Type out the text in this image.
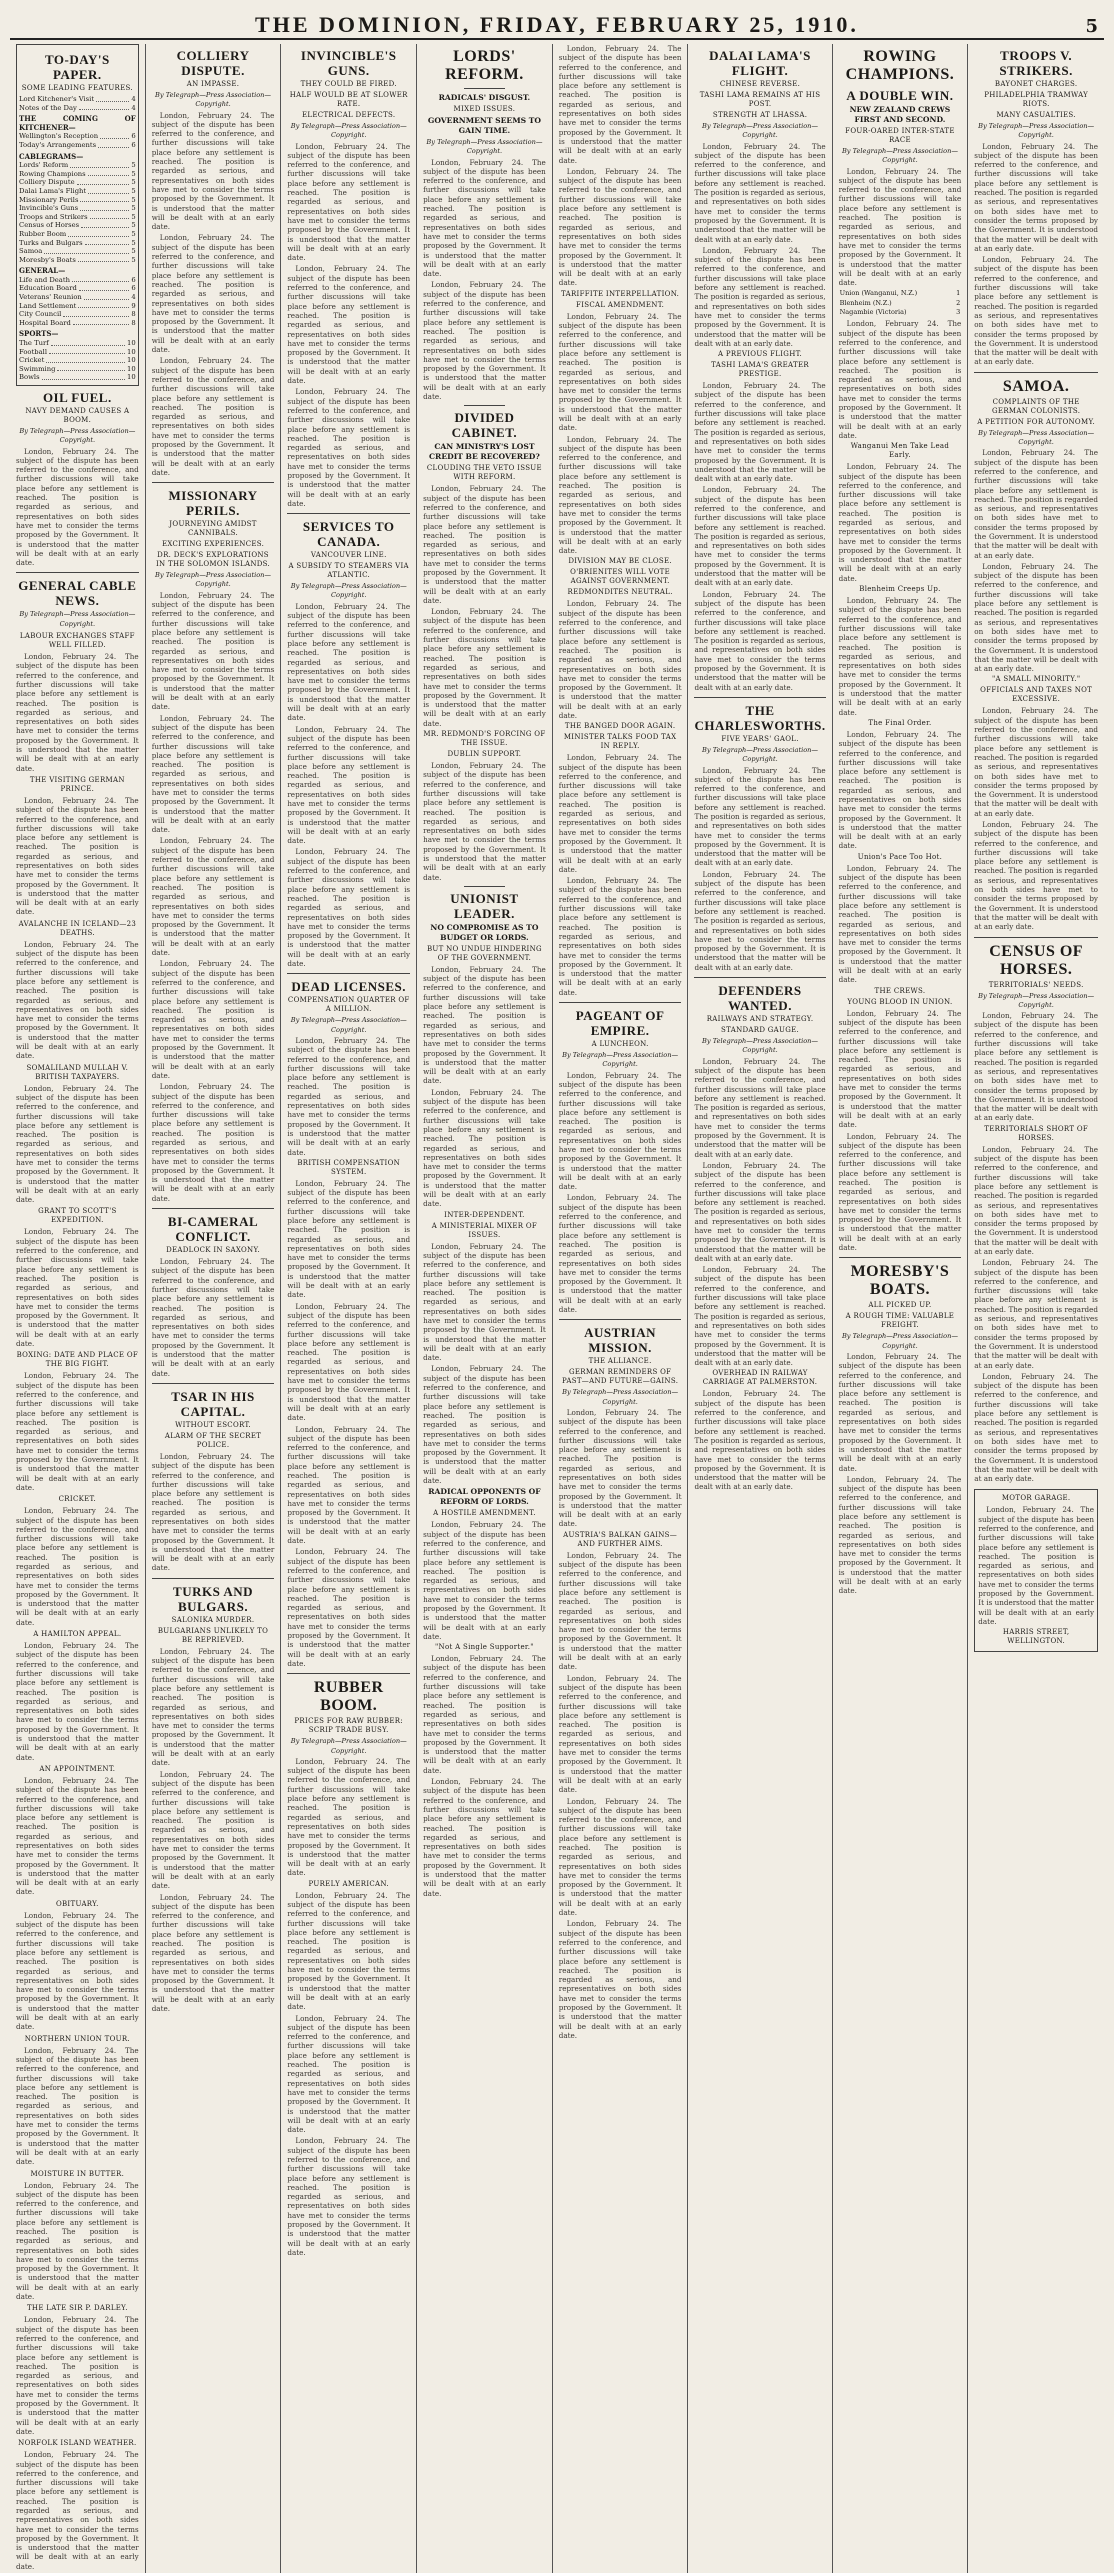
THE DOMINION, FRIDAY, FEBRUARY 25, 1910.	5
TO-DAY'S PAPER.
SOME LEADING FEATURES.
Lord Kitchener's Visit	4
Notes of the Day	4
THE COMING OF KITCHENER—
Wellington's Reception	6
Today's Arrangements	6
CABLEGRAMS—
Lords' Reform	5
Rowing Champions	5
Colliery Dispute	5
Dalai Lama's Flight	5
Missionary Perils	5
Invincible's Guns	5
Troops and Strikers	5
Census of Horses	5
Rubber Boom	5
Turks and Bulgars	5
Samoa	5
Moresby's Boats	5
GENERAL—
Life and Death	6
Education Board	6
Veterans' Reunion	4
Land Settlement	9
City Council	8
Hospital Board	8
SPORTS—
The Turf	10
Football	10
Cricket	10
Swimming	10
Bowls	10
OIL FUEL.
NAVY DEMAND CAUSES A BOOM.
By Telegraph—Press Association—Copyright.

London, February 24. The subject of the dispute has been referred to the conference, and further discussions will take place before any settlement is reached. The position is regarded as serious, and representatives on both sides have met to consider the terms proposed by the Government. It is understood that the matter will be dealt with at an early date.

GENERAL CABLE NEWS.
By Telegraph—Press Association—Copyright.
LABOUR EXCHANGES STAFF WELL FILLED.

London, February 24. The subject of the dispute has been referred to the conference, and further discussions will take place before any settlement is reached. The position is regarded as serious, and representatives on both sides have met to consider the terms proposed by the Government. It is understood that the matter will be dealt with at an early date.

THE VISITING GERMAN PRINCE.

London, February 24. The subject of the dispute has been referred to the conference, and further discussions will take place before any settlement is reached. The position is regarded as serious, and representatives on both sides have met to consider the terms proposed by the Government. It is understood that the matter will be dealt with at an early date.

AVALANCHE IN ICELAND—23 DEATHS.

London, February 24. The subject of the dispute has been referred to the conference, and further discussions will take place before any settlement is reached. The position is regarded as serious, and representatives on both sides have met to consider the terms proposed by the Government. It is understood that the matter will be dealt with at an early date.

SOMALILAND MULLAH V. BRITISH TAXPAYERS.

London, February 24. The subject of the dispute has been referred to the conference, and further discussions will take place before any settlement is reached. The position is regarded as serious, and representatives on both sides have met to consider the terms proposed by the Government. It is understood that the matter will be dealt with at an early date.

GRANT TO SCOTT'S EXPEDITION.

London, February 24. The subject of the dispute has been referred to the conference, and further discussions will take place before any settlement is reached. The position is regarded as serious, and representatives on both sides have met to consider the terms proposed by the Government. It is understood that the matter will be dealt with at an early date.

BOXING: DATE AND PLACE OF THE BIG FIGHT.

London, February 24. The subject of the dispute has been referred to the conference, and further discussions will take place before any settlement is reached. The position is regarded as serious, and representatives on both sides have met to consider the terms proposed by the Government. It is understood that the matter will be dealt with at an early date.

CRICKET.

London, February 24. The subject of the dispute has been referred to the conference, and further discussions will take place before any settlement is reached. The position is regarded as serious, and representatives on both sides have met to consider the terms proposed by the Government. It is understood that the matter will be dealt with at an early date.

A HAMILTON APPEAL.

London, February 24. The subject of the dispute has been referred to the conference, and further discussions will take place before any settlement is reached. The position is regarded as serious, and representatives on both sides have met to consider the terms proposed by the Government. It is understood that the matter will be dealt with at an early date.

AN APPOINTMENT.

London, February 24. The subject of the dispute has been referred to the conference, and further discussions will take place before any settlement is reached. The position is regarded as serious, and representatives on both sides have met to consider the terms proposed by the Government. It is understood that the matter will be dealt with at an early date.

OBITUARY.

London, February 24. The subject of the dispute has been referred to the conference, and further discussions will take place before any settlement is reached. The position is regarded as serious, and representatives on both sides have met to consider the terms proposed by the Government. It is understood that the matter will be dealt with at an early date.

NORTHERN UNION TOUR.

London, February 24. The subject of the dispute has been referred to the conference, and further discussions will take place before any settlement is reached. The position is regarded as serious, and representatives on both sides have met to consider the terms proposed by the Government. It is understood that the matter will be dealt with at an early date.

MOISTURE IN BUTTER.

London, February 24. The subject of the dispute has been referred to the conference, and further discussions will take place before any settlement is reached. The position is regarded as serious, and representatives on both sides have met to consider the terms proposed by the Government. It is understood that the matter will be dealt with at an early date.

THE LATE SIR P. DARLEY.

London, February 24. The subject of the dispute has been referred to the conference, and further discussions will take place before any settlement is reached. The position is regarded as serious, and representatives on both sides have met to consider the terms proposed by the Government. It is understood that the matter will be dealt with at an early date.

NORFOLK ISLAND WEATHER.

London, February 24. The subject of the dispute has been referred to the conference, and further discussions will take place before any settlement is reached. The position is regarded as serious, and representatives on both sides have met to consider the terms proposed by the Government. It is understood that the matter will be dealt with at an early date.

COLLIERY DISPUTE.
AN IMPASSE.
By Telegraph—Press Association—Copyright.

London, February 24. The subject of the dispute has been referred to the conference, and further discussions will take place before any settlement is reached. The position is regarded as serious, and representatives on both sides have met to consider the terms proposed by the Government. It is understood that the matter will be dealt with at an early date.

London, February 24. The subject of the dispute has been referred to the conference, and further discussions will take place before any settlement is reached. The position is regarded as serious, and representatives on both sides have met to consider the terms proposed by the Government. It is understood that the matter will be dealt with at an early date.

London, February 24. The subject of the dispute has been referred to the conference, and further discussions will take place before any settlement is reached. The position is regarded as serious, and representatives on both sides have met to consider the terms proposed by the Government. It is understood that the matter will be dealt with at an early date.

MISSIONARY PERILS.
JOURNEYING AMIDST CANNIBALS.
EXCITING EXPERIENCES.
DR. DECK'S EXPLORATIONS IN THE SOLOMON ISLANDS.
By Telegraph—Press Association—Copyright.

London, February 24. The subject of the dispute has been referred to the conference, and further discussions will take place before any settlement is reached. The position is regarded as serious, and representatives on both sides have met to consider the terms proposed by the Government. It is understood that the matter will be dealt with at an early date.

London, February 24. The subject of the dispute has been referred to the conference, and further discussions will take place before any settlement is reached. The position is regarded as serious, and representatives on both sides have met to consider the terms proposed by the Government. It is understood that the matter will be dealt with at an early date.

London, February 24. The subject of the dispute has been referred to the conference, and further discussions will take place before any settlement is reached. The position is regarded as serious, and representatives on both sides have met to consider the terms proposed by the Government. It is understood that the matter will be dealt with at an early date.

London, February 24. The subject of the dispute has been referred to the conference, and further discussions will take place before any settlement is reached. The position is regarded as serious, and representatives on both sides have met to consider the terms proposed by the Government. It is understood that the matter will be dealt with at an early date.

London, February 24. The subject of the dispute has been referred to the conference, and further discussions will take place before any settlement is reached. The position is regarded as serious, and representatives on both sides have met to consider the terms proposed by the Government. It is understood that the matter will be dealt with at an early date.

BI-CAMERAL CONFLICT.
DEADLOCK IN SAXONY.

London, February 24. The subject of the dispute has been referred to the conference, and further discussions will take place before any settlement is reached. The position is regarded as serious, and representatives on both sides have met to consider the terms proposed by the Government. It is understood that the matter will be dealt with at an early date.

TSAR IN HIS CAPITAL.
WITHOUT ESCORT.
ALARM OF THE SECRET POLICE.

London, February 24. The subject of the dispute has been referred to the conference, and further discussions will take place before any settlement is reached. The position is regarded as serious, and representatives on both sides have met to consider the terms proposed by the Government. It is understood that the matter will be dealt with at an early date.

TURKS AND BULGARS.
SALONIKA MURDER.
BULGARIANS UNLIKELY TO BE REPRIEVED.

London, February 24. The subject of the dispute has been referred to the conference, and further discussions will take place before any settlement is reached. The position is regarded as serious, and representatives on both sides have met to consider the terms proposed by the Government. It is understood that the matter will be dealt with at an early date.

London, February 24. The subject of the dispute has been referred to the conference, and further discussions will take place before any settlement is reached. The position is regarded as serious, and representatives on both sides have met to consider the terms proposed by the Government. It is understood that the matter will be dealt with at an early date.

London, February 24. The subject of the dispute has been referred to the conference, and further discussions will take place before any settlement is reached. The position is regarded as serious, and representatives on both sides have met to consider the terms proposed by the Government. It is understood that the matter will be dealt with at an early date.

INVINCIBLE'S GUNS.
THEY COULD BE FIRED.
HALF WOULD BE AT SLOWER RATE.
ELECTRICAL DEFECTS.
By Telegraph—Press Association—Copyright.

London, February 24. The subject of the dispute has been referred to the conference, and further discussions will take place before any settlement is reached. The position is regarded as serious, and representatives on both sides have met to consider the terms proposed by the Government. It is understood that the matter will be dealt with at an early date.

London, February 24. The subject of the dispute has been referred to the conference, and further discussions will take place before any settlement is reached. The position is regarded as serious, and representatives on both sides have met to consider the terms proposed by the Government. It is understood that the matter will be dealt with at an early date.

London, February 24. The subject of the dispute has been referred to the conference, and further discussions will take place before any settlement is reached. The position is regarded as serious, and representatives on both sides have met to consider the terms proposed by the Government. It is understood that the matter will be dealt with at an early date.

SERVICES TO CANADA.
VANCOUVER LINE.
A SUBSIDY TO STEAMERS VIA ATLANTIC.
By Telegraph—Press Association—Copyright.

London, February 24. The subject of the dispute has been referred to the conference, and further discussions will take place before any settlement is reached. The position is regarded as serious, and representatives on both sides have met to consider the terms proposed by the Government. It is understood that the matter will be dealt with at an early date.

London, February 24. The subject of the dispute has been referred to the conference, and further discussions will take place before any settlement is reached. The position is regarded as serious, and representatives on both sides have met to consider the terms proposed by the Government. It is understood that the matter will be dealt with at an early date.

London, February 24. The subject of the dispute has been referred to the conference, and further discussions will take place before any settlement is reached. The position is regarded as serious, and representatives on both sides have met to consider the terms proposed by the Government. It is understood that the matter will be dealt with at an early date.

DEAD LICENSES.
COMPENSATION QUARTER OF A MILLION.
By Telegraph—Press Association—Copyright.

London, February 24. The subject of the dispute has been referred to the conference, and further discussions will take place before any settlement is reached. The position is regarded as serious, and representatives on both sides have met to consider the terms proposed by the Government. It is understood that the matter will be dealt with at an early date.

BRITISH COMPENSATION SYSTEM.

London, February 24. The subject of the dispute has been referred to the conference, and further discussions will take place before any settlement is reached. The position is regarded as serious, and representatives on both sides have met to consider the terms proposed by the Government. It is understood that the matter will be dealt with at an early date.

London, February 24. The subject of the dispute has been referred to the conference, and further discussions will take place before any settlement is reached. The position is regarded as serious, and representatives on both sides have met to consider the terms proposed by the Government. It is understood that the matter will be dealt with at an early date.

London, February 24. The subject of the dispute has been referred to the conference, and further discussions will take place before any settlement is reached. The position is regarded as serious, and representatives on both sides have met to consider the terms proposed by the Government. It is understood that the matter will be dealt with at an early date.

London, February 24. The subject of the dispute has been referred to the conference, and further discussions will take place before any settlement is reached. The position is regarded as serious, and representatives on both sides have met to consider the terms proposed by the Government. It is understood that the matter will be dealt with at an early date.

RUBBER BOOM.
PRICES FOR RAW RUBBER: SCRIP TRADE BUSY.
By Telegraph—Press Association—Copyright.

London, February 24. The subject of the dispute has been referred to the conference, and further discussions will take place before any settlement is reached. The position is regarded as serious, and representatives on both sides have met to consider the terms proposed by the Government. It is understood that the matter will be dealt with at an early date.

PURELY AMERICAN.

London, February 24. The subject of the dispute has been referred to the conference, and further discussions will take place before any settlement is reached. The position is regarded as serious, and representatives on both sides have met to consider the terms proposed by the Government. It is understood that the matter will be dealt with at an early date.

London, February 24. The subject of the dispute has been referred to the conference, and further discussions will take place before any settlement is reached. The position is regarded as serious, and representatives on both sides have met to consider the terms proposed by the Government. It is understood that the matter will be dealt with at an early date.

London, February 24. The subject of the dispute has been referred to the conference, and further discussions will take place before any settlement is reached. The position is regarded as serious, and representatives on both sides have met to consider the terms proposed by the Government. It is understood that the matter will be dealt with at an early date.

LORDS' REFORM.
RADICALS' DISGUST.
MIXED ISSUES.
GOVERNMENT SEEMS TO GAIN TIME.
By Telegraph—Press Association—Copyright.

London, February 24. The subject of the dispute has been referred to the conference, and further discussions will take place before any settlement is reached. The position is regarded as serious, and representatives on both sides have met to consider the terms proposed by the Government. It is understood that the matter will be dealt with at an early date.

London, February 24. The subject of the dispute has been referred to the conference, and further discussions will take place before any settlement is reached. The position is regarded as serious, and representatives on both sides have met to consider the terms proposed by the Government. It is understood that the matter will be dealt with at an early date.

DIVIDED CABINET.
CAN MINISTRY'S LOST CREDIT BE RECOVERED?
CLOUDING THE VETO ISSUE WITH REFORM.

London, February 24. The subject of the dispute has been referred to the conference, and further discussions will take place before any settlement is reached. The position is regarded as serious, and representatives on both sides have met to consider the terms proposed by the Government. It is understood that the matter will be dealt with at an early date.

London, February 24. The subject of the dispute has been referred to the conference, and further discussions will take place before any settlement is reached. The position is regarded as serious, and representatives on both sides have met to consider the terms proposed by the Government. It is understood that the matter will be dealt with at an early date.

MR. REDMOND'S FORCING OF THE ISSUE.
DUBLIN SUPPORT.

London, February 24. The subject of the dispute has been referred to the conference, and further discussions will take place before any settlement is reached. The position is regarded as serious, and representatives on both sides have met to consider the terms proposed by the Government. It is understood that the matter will be dealt with at an early date.

UNIONIST LEADER.
NO COMPROMISE AS TO BUDGET OR LORDS.
BUT NO UNDUE HINDERING OF THE GOVERNMENT.

London, February 24. The subject of the dispute has been referred to the conference, and further discussions will take place before any settlement is reached. The position is regarded as serious, and representatives on both sides have met to consider the terms proposed by the Government. It is understood that the matter will be dealt with at an early date.

London, February 24. The subject of the dispute has been referred to the conference, and further discussions will take place before any settlement is reached. The position is regarded as serious, and representatives on both sides have met to consider the terms proposed by the Government. It is understood that the matter will be dealt with at an early date.

INTER-DEPENDENT.
A MINISTERIAL MIXER OF ISSUES.

London, February 24. The subject of the dispute has been referred to the conference, and further discussions will take place before any settlement is reached. The position is regarded as serious, and representatives on both sides have met to consider the terms proposed by the Government. It is understood that the matter will be dealt with at an early date.

London, February 24. The subject of the dispute has been referred to the conference, and further discussions will take place before any settlement is reached. The position is regarded as serious, and representatives on both sides have met to consider the terms proposed by the Government. It is understood that the matter will be dealt with at an early date.

RADICAL OPPONENTS OF REFORM OF LORDS.
A HOSTILE AMENDMENT.

London, February 24. The subject of the dispute has been referred to the conference, and further discussions will take place before any settlement is reached. The position is regarded as serious, and representatives on both sides have met to consider the terms proposed by the Government. It is understood that the matter will be dealt with at an early date.

"Not A Single Supporter."

London, February 24. The subject of the dispute has been referred to the conference, and further discussions will take place before any settlement is reached. The position is regarded as serious, and representatives on both sides have met to consider the terms proposed by the Government. It is understood that the matter will be dealt with at an early date.

London, February 24. The subject of the dispute has been referred to the conference, and further discussions will take place before any settlement is reached. The position is regarded as serious, and representatives on both sides have met to consider the terms proposed by the Government. It is understood that the matter will be dealt with at an early date.

London, February 24. The subject of the dispute has been referred to the conference, and further discussions will take place before any settlement is reached. The position is regarded as serious, and representatives on both sides have met to consider the terms proposed by the Government. It is understood that the matter will be dealt with at an early date.

London, February 24. The subject of the dispute has been referred to the conference, and further discussions will take place before any settlement is reached. The position is regarded as serious, and representatives on both sides have met to consider the terms proposed by the Government. It is understood that the matter will be dealt with at an early date.

TARIFFITE INTERPELLATION.
FISCAL AMENDMENT.

London, February 24. The subject of the dispute has been referred to the conference, and further discussions will take place before any settlement is reached. The position is regarded as serious, and representatives on both sides have met to consider the terms proposed by the Government. It is understood that the matter will be dealt with at an early date.

London, February 24. The subject of the dispute has been referred to the conference, and further discussions will take place before any settlement is reached. The position is regarded as serious, and representatives on both sides have met to consider the terms proposed by the Government. It is understood that the matter will be dealt with at an early date.

DIVISION MAY BE CLOSE.
O'BRIENITES WILL VOTE AGAINST GOVERNMENT.
REDMONDITES NEUTRAL.

London, February 24. The subject of the dispute has been referred to the conference, and further discussions will take place before any settlement is reached. The position is regarded as serious, and representatives on both sides have met to consider the terms proposed by the Government. It is understood that the matter will be dealt with at an early date.

THE BANGED DOOR AGAIN.
MINISTER TALKS FOOD TAX IN REPLY.

London, February 24. The subject of the dispute has been referred to the conference, and further discussions will take place before any settlement is reached. The position is regarded as serious, and representatives on both sides have met to consider the terms proposed by the Government. It is understood that the matter will be dealt with at an early date.

London, February 24. The subject of the dispute has been referred to the conference, and further discussions will take place before any settlement is reached. The position is regarded as serious, and representatives on both sides have met to consider the terms proposed by the Government. It is understood that the matter will be dealt with at an early date.

PAGEANT OF EMPIRE.
A LUNCHEON.
By Telegraph—Press Association—Copyright.

London, February 24. The subject of the dispute has been referred to the conference, and further discussions will take place before any settlement is reached. The position is regarded as serious, and representatives on both sides have met to consider the terms proposed by the Government. It is understood that the matter will be dealt with at an early date.

London, February 24. The subject of the dispute has been referred to the conference, and further discussions will take place before any settlement is reached. The position is regarded as serious, and representatives on both sides have met to consider the terms proposed by the Government. It is understood that the matter will be dealt with at an early date.

AUSTRIAN MISSION.
THE ALLIANCE.
GERMAN REMINDERS OF PAST—AND FUTURE—GAINS.
By Telegraph—Press Association—Copyright.

London, February 24. The subject of the dispute has been referred to the conference, and further discussions will take place before any settlement is reached. The position is regarded as serious, and representatives on both sides have met to consider the terms proposed by the Government. It is understood that the matter will be dealt with at an early date.

AUSTRIA'S BALKAN GAINS—AND FURTHER AIMS.

London, February 24. The subject of the dispute has been referred to the conference, and further discussions will take place before any settlement is reached. The position is regarded as serious, and representatives on both sides have met to consider the terms proposed by the Government. It is understood that the matter will be dealt with at an early date.

London, February 24. The subject of the dispute has been referred to the conference, and further discussions will take place before any settlement is reached. The position is regarded as serious, and representatives on both sides have met to consider the terms proposed by the Government. It is understood that the matter will be dealt with at an early date.

London, February 24. The subject of the dispute has been referred to the conference, and further discussions will take place before any settlement is reached. The position is regarded as serious, and representatives on both sides have met to consider the terms proposed by the Government. It is understood that the matter will be dealt with at an early date.

London, February 24. The subject of the dispute has been referred to the conference, and further discussions will take place before any settlement is reached. The position is regarded as serious, and representatives on both sides have met to consider the terms proposed by the Government. It is understood that the matter will be dealt with at an early date.

DALAI LAMA'S FLIGHT.
CHINESE REVERSE.
TASHI LAMA REMAINS AT HIS POST.
STRENGTH AT LHASSA.
By Telegraph—Press Association—Copyright.

London, February 24. The subject of the dispute has been referred to the conference, and further discussions will take place before any settlement is reached. The position is regarded as serious, and representatives on both sides have met to consider the terms proposed by the Government. It is understood that the matter will be dealt with at an early date.

London, February 24. The subject of the dispute has been referred to the conference, and further discussions will take place before any settlement is reached. The position is regarded as serious, and representatives on both sides have met to consider the terms proposed by the Government. It is understood that the matter will be dealt with at an early date.

A PREVIOUS FLIGHT.
TASHI LAMA'S GREATER PRESTIGE.

London, February 24. The subject of the dispute has been referred to the conference, and further discussions will take place before any settlement is reached. The position is regarded as serious, and representatives on both sides have met to consider the terms proposed by the Government. It is understood that the matter will be dealt with at an early date.

London, February 24. The subject of the dispute has been referred to the conference, and further discussions will take place before any settlement is reached. The position is regarded as serious, and representatives on both sides have met to consider the terms proposed by the Government. It is understood that the matter will be dealt with at an early date.

London, February 24. The subject of the dispute has been referred to the conference, and further discussions will take place before any settlement is reached. The position is regarded as serious, and representatives on both sides have met to consider the terms proposed by the Government. It is understood that the matter will be dealt with at an early date.

THE CHARLESWORTHS.
FIVE YEARS' GAOL.
By Telegraph—Press Association—Copyright.

London, February 24. The subject of the dispute has been referred to the conference, and further discussions will take place before any settlement is reached. The position is regarded as serious, and representatives on both sides have met to consider the terms proposed by the Government. It is understood that the matter will be dealt with at an early date.

London, February 24. The subject of the dispute has been referred to the conference, and further discussions will take place before any settlement is reached. The position is regarded as serious, and representatives on both sides have met to consider the terms proposed by the Government. It is understood that the matter will be dealt with at an early date.

DEFENDERS WANTED.
RAILWAYS AND STRATEGY.
STANDARD GAUGE.
By Telegraph—Press Association—Copyright.

London, February 24. The subject of the dispute has been referred to the conference, and further discussions will take place before any settlement is reached. The position is regarded as serious, and representatives on both sides have met to consider the terms proposed by the Government. It is understood that the matter will be dealt with at an early date.

London, February 24. The subject of the dispute has been referred to the conference, and further discussions will take place before any settlement is reached. The position is regarded as serious, and representatives on both sides have met to consider the terms proposed by the Government. It is understood that the matter will be dealt with at an early date.

London, February 24. The subject of the dispute has been referred to the conference, and further discussions will take place before any settlement is reached. The position is regarded as serious, and representatives on both sides have met to consider the terms proposed by the Government. It is understood that the matter will be dealt with at an early date.

OVERHEAD IN RAILWAY CARRIAGE AT PALMERSTON.

London, February 24. The subject of the dispute has been referred to the conference, and further discussions will take place before any settlement is reached. The position is regarded as serious, and representatives on both sides have met to consider the terms proposed by the Government. It is understood that the matter will be dealt with at an early date.

ROWING CHAMPIONS.
A DOUBLE WIN.
NEW ZEALAND CREWS FIRST AND SECOND.
FOUR-OARED INTER-STATE RACE
By Telegraph—Press Association—Copyright.

London, February 24. The subject of the dispute has been referred to the conference, and further discussions will take place before any settlement is reached. The position is regarded as serious, and representatives on both sides have met to consider the terms proposed by the Government. It is understood that the matter will be dealt with at an early date.

Union (Wanganui, N.Z.)	1
Blenheim (N.Z.)	2
Nagambie (Victoria)	3

London, February 24. The subject of the dispute has been referred to the conference, and further discussions will take place before any settlement is reached. The position is regarded as serious, and representatives on both sides have met to consider the terms proposed by the Government. It is understood that the matter will be dealt with at an early date.

Wanganui Men Take Lead Early.

London, February 24. The subject of the dispute has been referred to the conference, and further discussions will take place before any settlement is reached. The position is regarded as serious, and representatives on both sides have met to consider the terms proposed by the Government. It is understood that the matter will be dealt with at an early date.

Blenheim Creeps Up.

London, February 24. The subject of the dispute has been referred to the conference, and further discussions will take place before any settlement is reached. The position is regarded as serious, and representatives on both sides have met to consider the terms proposed by the Government. It is understood that the matter will be dealt with at an early date.

The Final Order.

London, February 24. The subject of the dispute has been referred to the conference, and further discussions will take place before any settlement is reached. The position is regarded as serious, and representatives on both sides have met to consider the terms proposed by the Government. It is understood that the matter will be dealt with at an early date.

Union's Pace Too Hot.

London, February 24. The subject of the dispute has been referred to the conference, and further discussions will take place before any settlement is reached. The position is regarded as serious, and representatives on both sides have met to consider the terms proposed by the Government. It is understood that the matter will be dealt with at an early date.

THE CREWS.
YOUNG BLOOD IN UNION.

London, February 24. The subject of the dispute has been referred to the conference, and further discussions will take place before any settlement is reached. The position is regarded as serious, and representatives on both sides have met to consider the terms proposed by the Government. It is understood that the matter will be dealt with at an early date.

London, February 24. The subject of the dispute has been referred to the conference, and further discussions will take place before any settlement is reached. The position is regarded as serious, and representatives on both sides have met to consider the terms proposed by the Government. It is understood that the matter will be dealt with at an early date.

MORESBY'S BOATS.
ALL PICKED UP.
A ROUGH TIME: VALUABLE FREIGHT.
By Telegraph—Press Association—Copyright.

London, February 24. The subject of the dispute has been referred to the conference, and further discussions will take place before any settlement is reached. The position is regarded as serious, and representatives on both sides have met to consider the terms proposed by the Government. It is understood that the matter will be dealt with at an early date.

London, February 24. The subject of the dispute has been referred to the conference, and further discussions will take place before any settlement is reached. The position is regarded as serious, and representatives on both sides have met to consider the terms proposed by the Government. It is understood that the matter will be dealt with at an early date.

TROOPS V. STRIKERS.
BAYONET CHARGES.
PHILADELPHIA TRAMWAY RIOTS.
MANY CASUALTIES.
By Telegraph—Press Association—Copyright.

London, February 24. The subject of the dispute has been referred to the conference, and further discussions will take place before any settlement is reached. The position is regarded as serious, and representatives on both sides have met to consider the terms proposed by the Government. It is understood that the matter will be dealt with at an early date.

London, February 24. The subject of the dispute has been referred to the conference, and further discussions will take place before any settlement is reached. The position is regarded as serious, and representatives on both sides have met to consider the terms proposed by the Government. It is understood that the matter will be dealt with at an early date.

SAMOA.
COMPLAINTS OF THE GERMAN COLONISTS.
A PETITION FOR AUTONOMY.
By Telegraph—Press Association—Copyright.

London, February 24. The subject of the dispute has been referred to the conference, and further discussions will take place before any settlement is reached. The position is regarded as serious, and representatives on both sides have met to consider the terms proposed by the Government. It is understood that the matter will be dealt with at an early date.

London, February 24. The subject of the dispute has been referred to the conference, and further discussions will take place before any settlement is reached. The position is regarded as serious, and representatives on both sides have met to consider the terms proposed by the Government. It is understood that the matter will be dealt with at an early date.

"A SMALL MINORITY."
OFFICIALS AND TAXES NOT EXCESSIVE.

London, February 24. The subject of the dispute has been referred to the conference, and further discussions will take place before any settlement is reached. The position is regarded as serious, and representatives on both sides have met to consider the terms proposed by the Government. It is understood that the matter will be dealt with at an early date.

London, February 24. The subject of the dispute has been referred to the conference, and further discussions will take place before any settlement is reached. The position is regarded as serious, and representatives on both sides have met to consider the terms proposed by the Government. It is understood that the matter will be dealt with at an early date.

CENSUS OF HORSES.
TERRITORIALS' NEEDS.
By Telegraph—Press Association—Copyright.

London, February 24. The subject of the dispute has been referred to the conference, and further discussions will take place before any settlement is reached. The position is regarded as serious, and representatives on both sides have met to consider the terms proposed by the Government. It is understood that the matter will be dealt with at an early date.

TERRITORIALS SHORT OF HORSES.

London, February 24. The subject of the dispute has been referred to the conference, and further discussions will take place before any settlement is reached. The position is regarded as serious, and representatives on both sides have met to consider the terms proposed by the Government. It is understood that the matter will be dealt with at an early date.

London, February 24. The subject of the dispute has been referred to the conference, and further discussions will take place before any settlement is reached. The position is regarded as serious, and representatives on both sides have met to consider the terms proposed by the Government. It is understood that the matter will be dealt with at an early date.

London, February 24. The subject of the dispute has been referred to the conference, and further discussions will take place before any settlement is reached. The position is regarded as serious, and representatives on both sides have met to consider the terms proposed by the Government. It is understood that the matter will be dealt with at an early date.

MOTOR GARAGE.

London, February 24. The subject of the dispute has been referred to the conference, and further discussions will take place before any settlement is reached. The position is regarded as serious, and representatives on both sides have met to consider the terms proposed by the Government. It is understood that the matter will be dealt with at an early date.

HARRIS STREET, WELLINGTON.
